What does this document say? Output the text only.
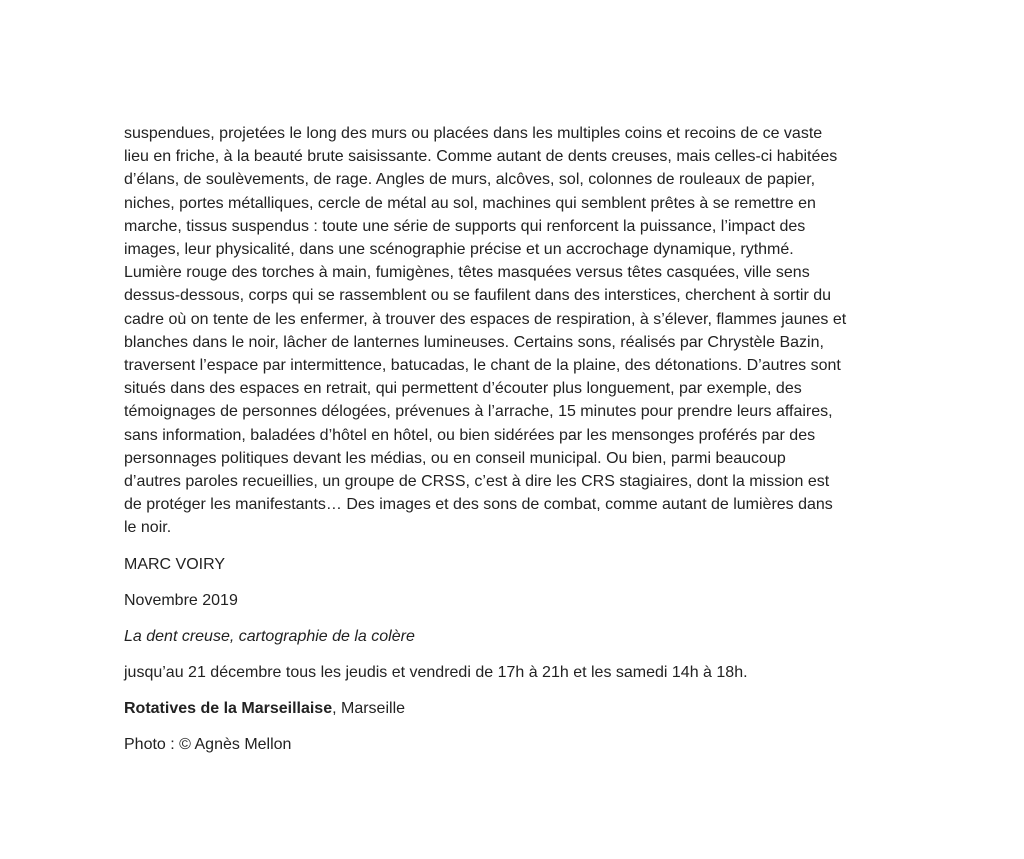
suspendues, projetées le long des murs ou placées dans les multiples coins et recoins de ce vaste
lieu en friche, à la beauté brute saisissante. Comme autant de dents creuses, mais celles-ci habitées
d’élans, de soulèvements, de rage. Angles de murs, alcôves, sol, colonnes de rouleaux de papier,
niches, portes métalliques, cercle de métal au sol, machines qui semblent prêtes à se remettre en
marche, tissus suspendus : toute une série de supports qui renforcent la puissance, l’impact des
images, leur physicalité, dans une scénographie précise et un accrochage dynamique, rythmé.
Lumière rouge des torches à main, fumigènes, têtes masquées versus têtes casquées, ville sens
dessus-dessous, corps qui se rassemblent ou se faufilent dans des interstices, cherchent à sortir du
cadre où on tente de les enfermer, à trouver des espaces de respiration, à s’élever, flammes jaunes et
blanches dans le noir, lâcher de lanternes lumineuses. Certains sons, réalisés par Chrystèle Bazin,
traversent l’espace par intermittence, batucadas, le chant de la plaine, des détonations. D’autres sont
situés dans des espaces en retrait, qui permettent d’écouter plus longuement, par exemple, des
témoignages de personnes délogées, prévenues à l’arrache, 15 minutes pour prendre leurs affaires,
sans information, baladées d’hôtel en hôtel, ou bien sidérées par les mensonges proférés par des
personnages politiques devant les médias, ou en conseil municipal. Ou bien, parmi beaucoup
d’autres paroles recueillies, un groupe de CRSS, c’est à dire les CRS stagiaires, dont la mission est
de protéger les manifestants… Des images et des sons de combat, comme autant de lumières dans
le noir.

MARC VOIRY

Novembre 2019

La dent creuse, cartographie de la colère

jusqu’au 21 décembre tous les jeudis et vendredi de 17h à 21h et les samedi 14h à 18h.

Rotatives de la Marseillaise, Marseille

Photo : © Agnès Mellon
